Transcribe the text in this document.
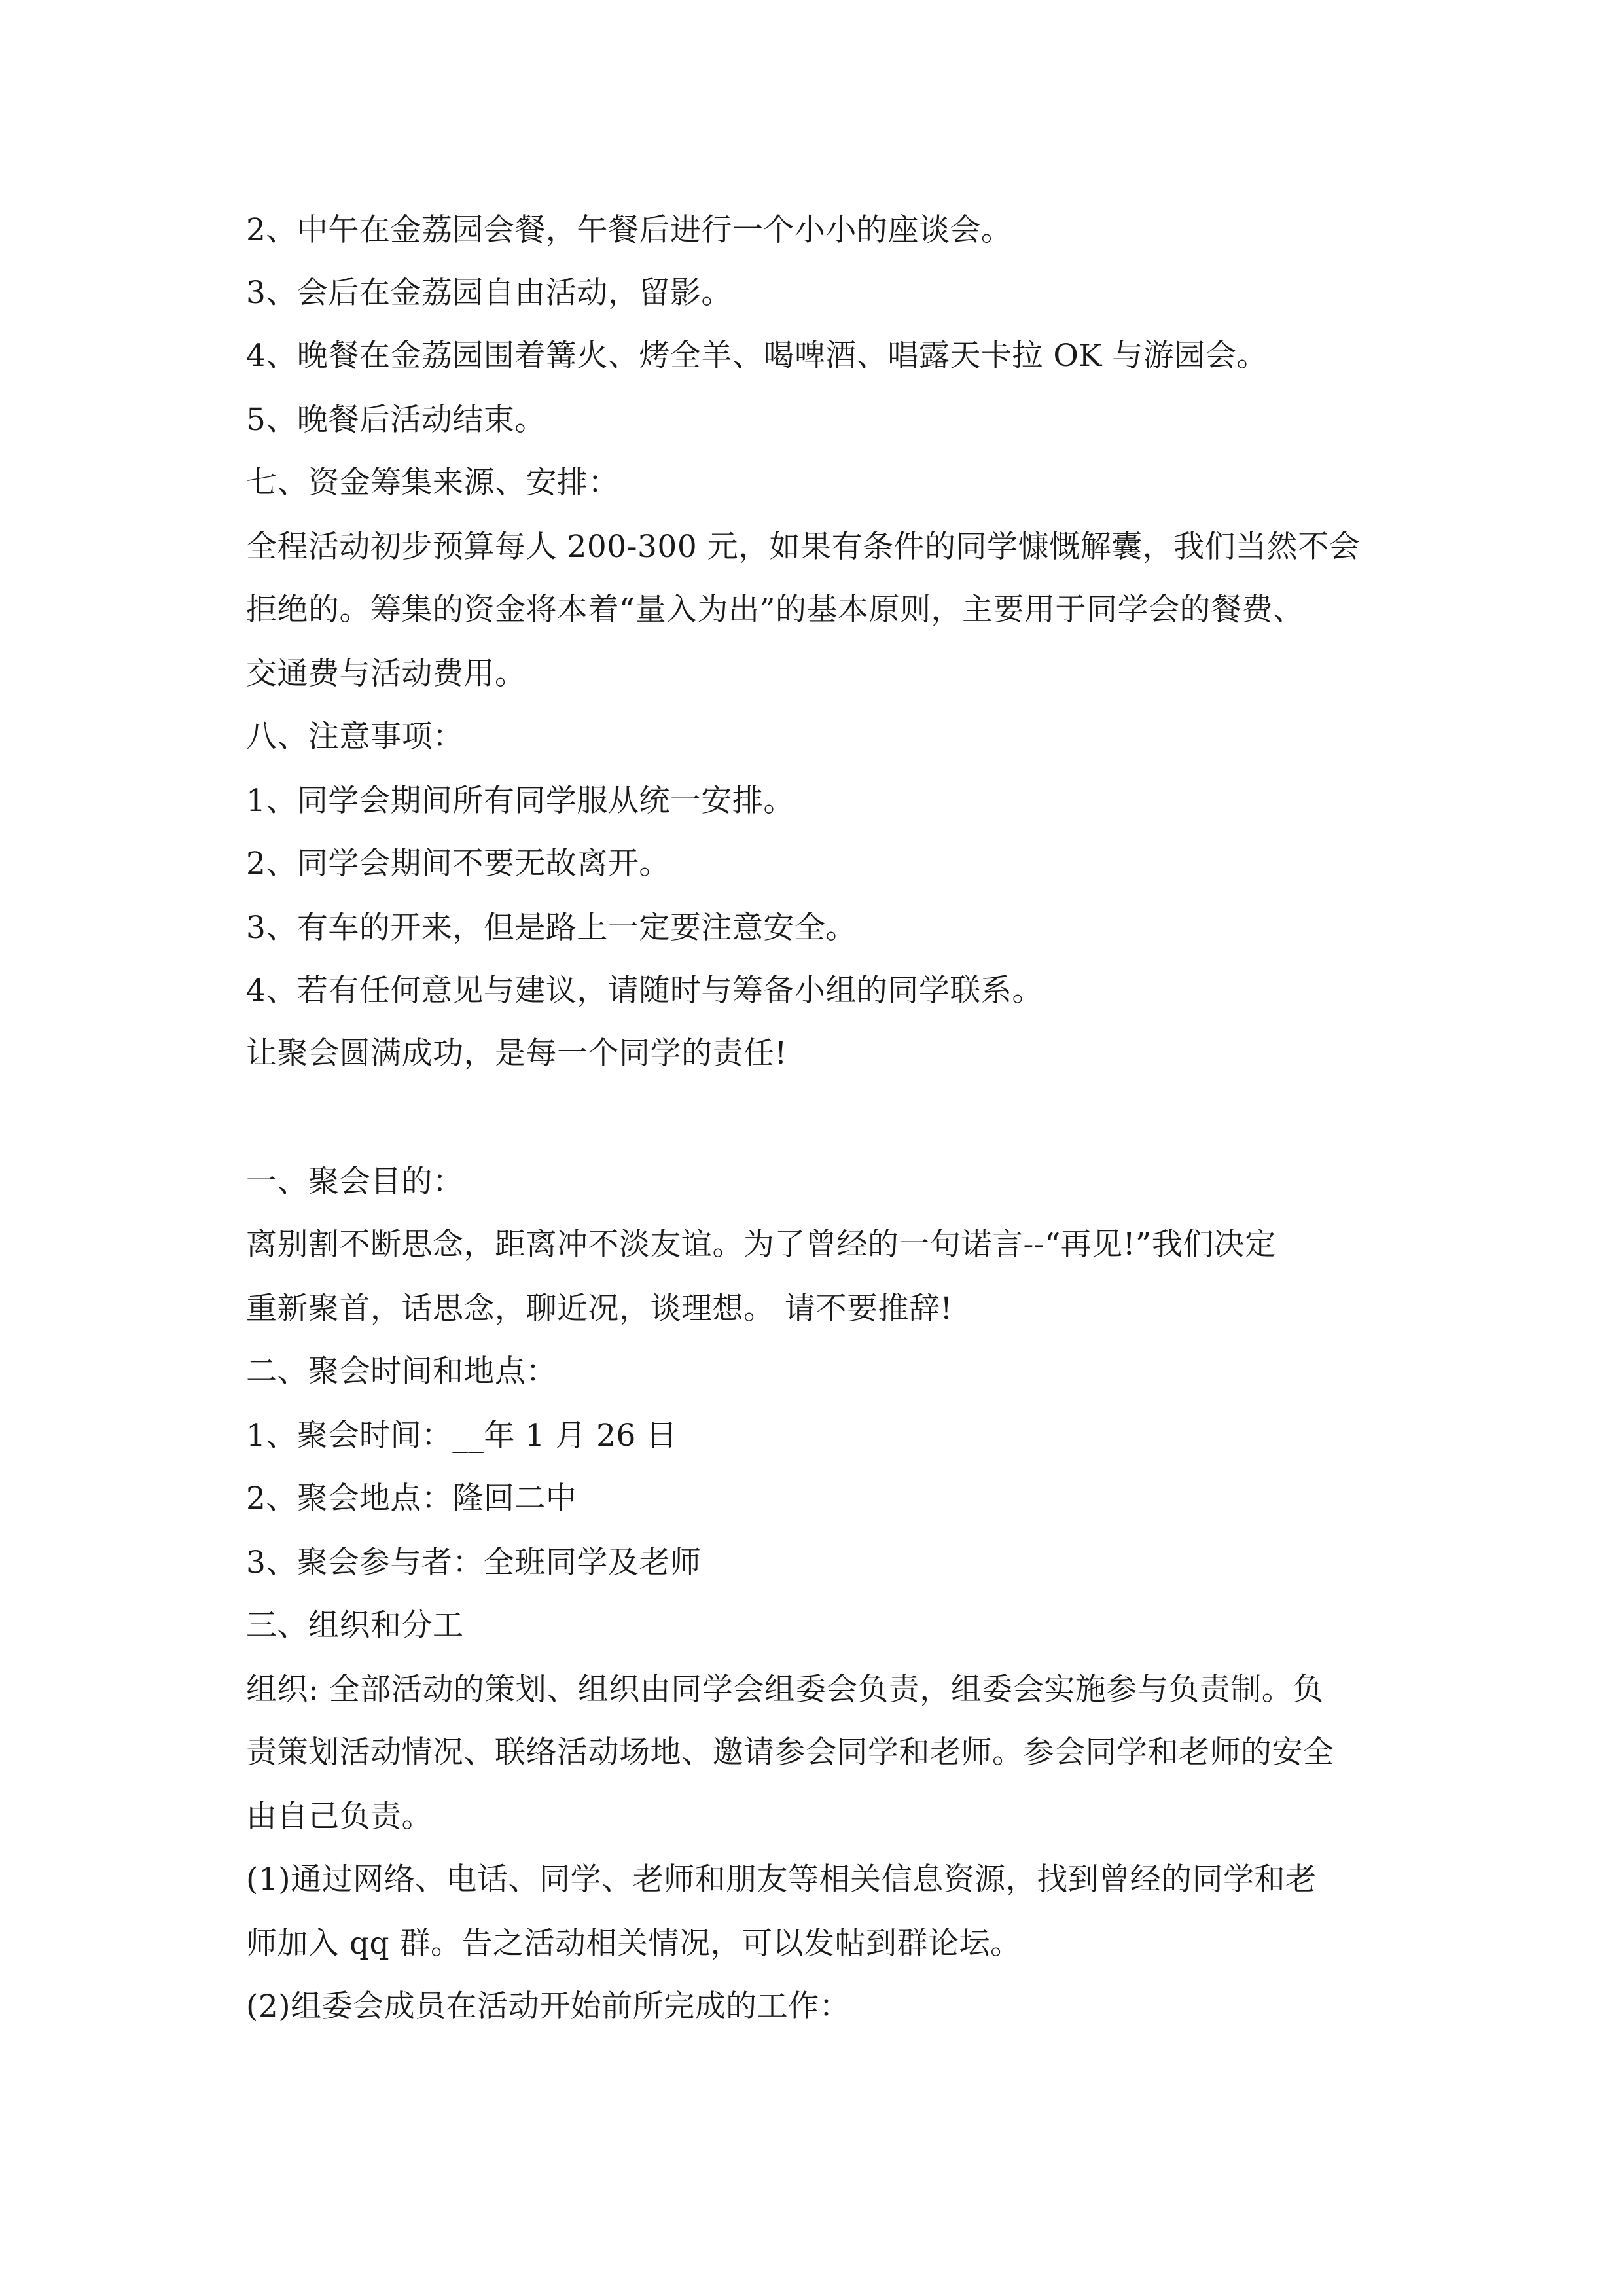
2、中午在金荔园会餐，午餐后进行一个小小的座谈会。
3、会后在金荔园自由活动，留影。
4、晚餐在金荔园围着篝火、烤全羊、喝啤酒、唱露天卡拉 OK 与游园会。
5、晚餐后活动结束。
七、资金筹集来源、安排：
全程活动初步预算每人 200-300 元，如果有条件的同学慷慨解囊，我们当然不会
拒绝的。筹集的资金将本着“量入为出”的基本原则，主要用于同学会的餐费、
交通费与活动费用。
八、注意事项：
1、同学会期间所有同学服从统一安排。
2、同学会期间不要无故离开。
3、有车的开来，但是路上一定要注意安全。
4、若有任何意见与建议，请随时与筹备小组的同学联系。
让聚会圆满成功，是每一个同学的责任!
一、聚会目的：
离别割不断思念，距离冲不淡友谊。为了曾经的一句诺言--“再见!”我们决定
重新聚首，话思念，聊近况，谈理想。 请不要推辞!
二、聚会时间和地点：
1、聚会时间：__年 1 月 26 日
2、聚会地点：隆回二中
3、聚会参与者：全班同学及老师
三、组织和分工
组织: 全部活动的策划、组织由同学会组委会负责，组委会实施参与负责制。负
责策划活动情况、联络活动场地、邀请参会同学和老师。参会同学和老师的安全
由自己负责。
(1)通过网络、电话、同学、老师和朋友等相关信息资源，找到曾经的同学和老
师加入 qq 群。告之活动相关情况，可以发帖到群论坛。
(2)组委会成员在活动开始前所完成的工作：
